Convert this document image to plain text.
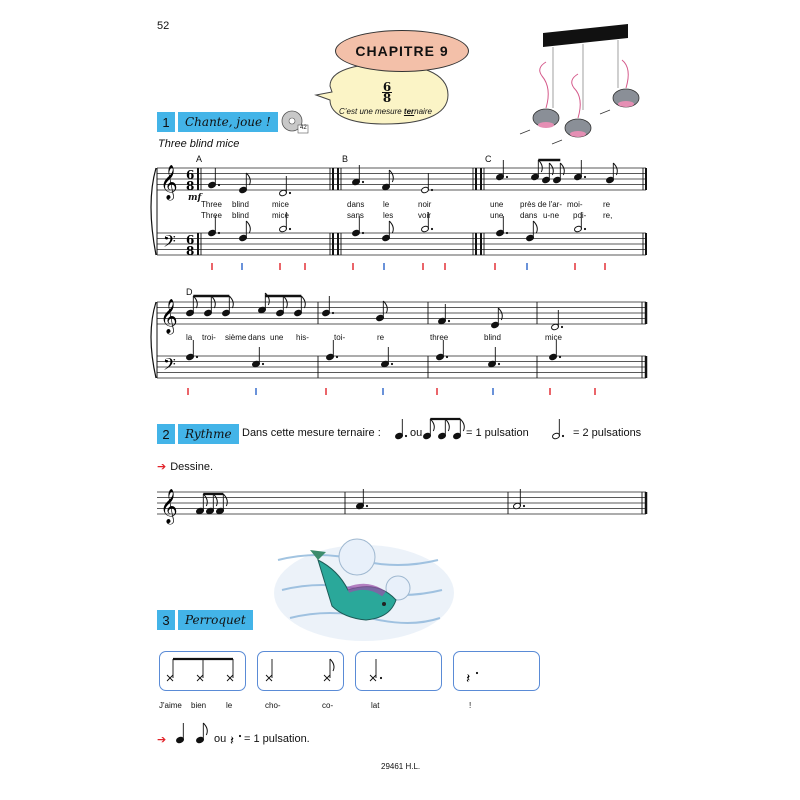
𝄞
𝄢
6
8
6
8
𝄞
𝄢
𝄞
𝄽
𝄽
52
CHAPITRE 9
6
8
C’est une mesure ternaire
42
1	Chante, joue !
Three blind mice
A	B	C
D
mf
Three blind	mice	dans le	noir	une près de l'ar- moi-	re
Three blind	mice	sans les	voir	une dans u-ne poi- re,
la troi- sième dans une his-	toi-	re	three	blind	mice
2	Rythme Dans cette mesure ternaire :	ou	= 1 pulsation	= 2 pulsations
➔ Dessine.
3	Perroquet
J'aime bien le	cho-	co-	lat	!
➔	ou = 1 pulsation.
29461 H.L.
